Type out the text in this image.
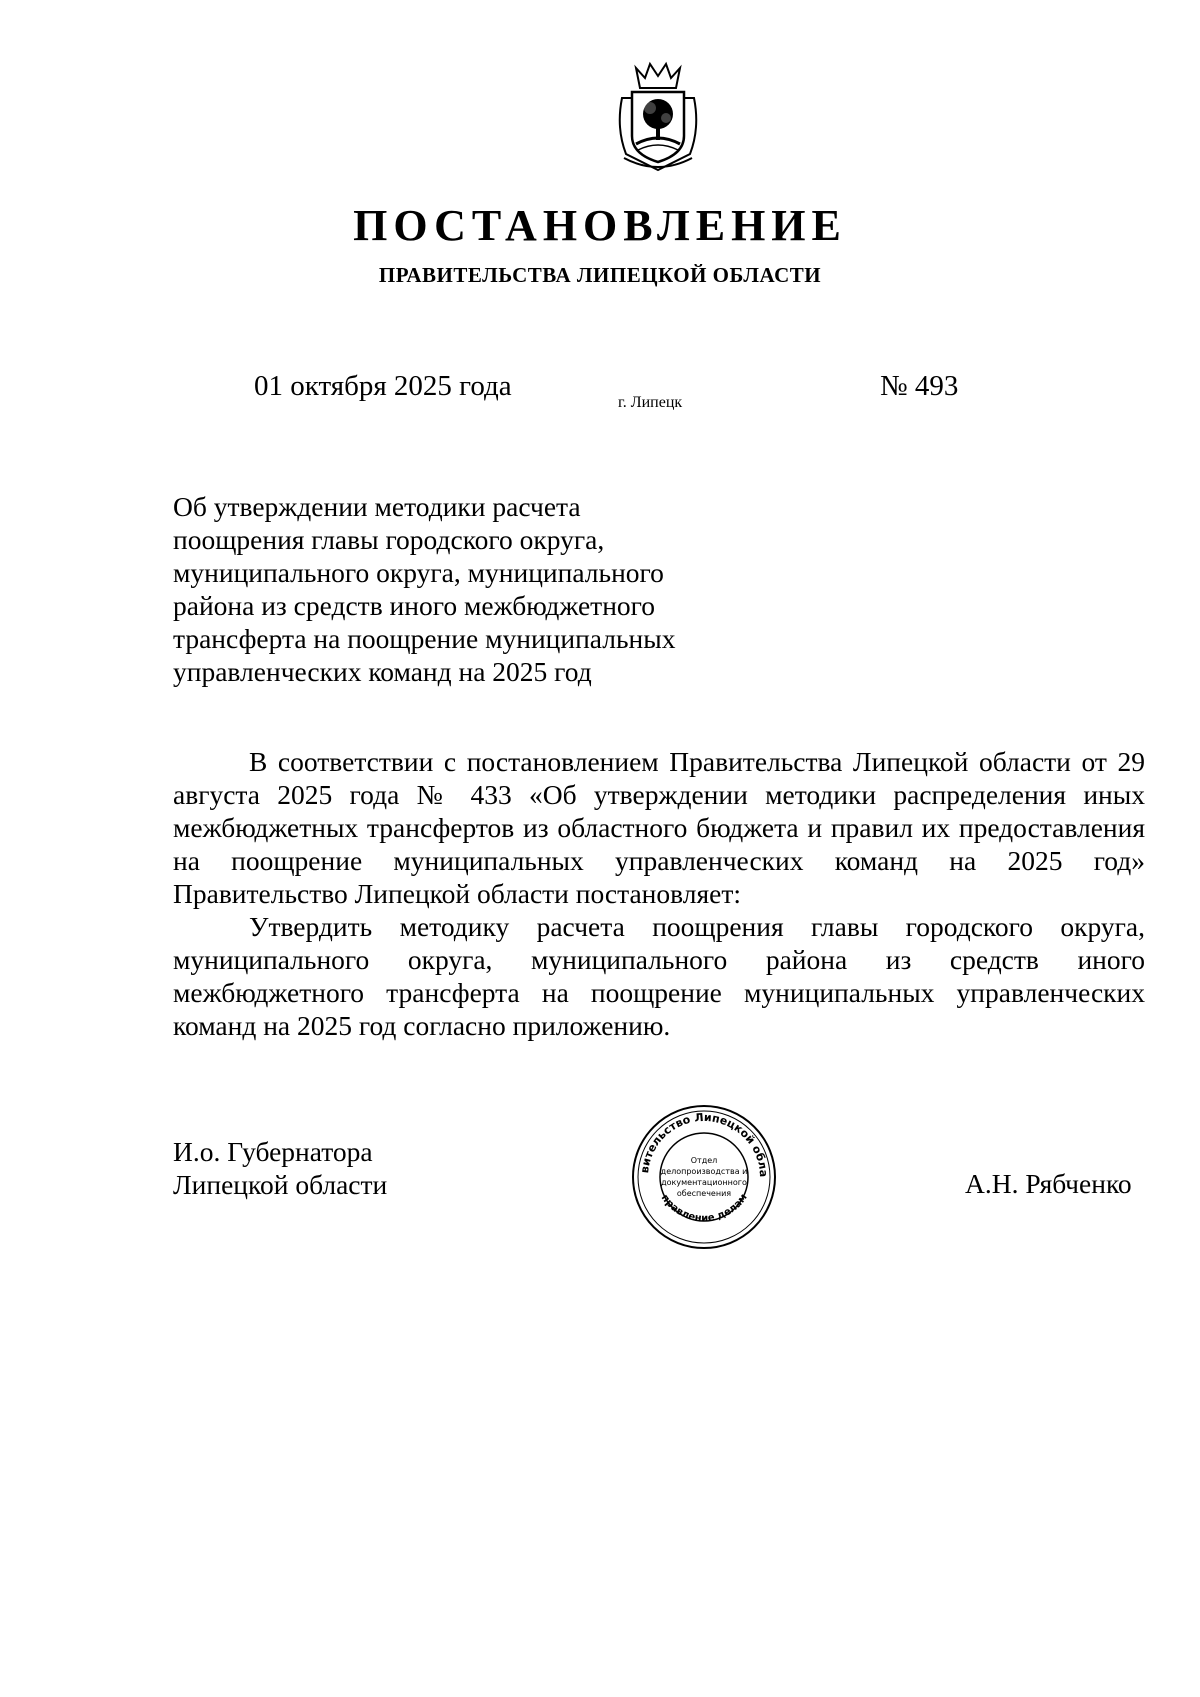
ПОСТАНОВЛЕНИЕ
ПРАВИТЕЛЬСТВА ЛИПЕЦКОЙ ОБЛАСТИ
01 октября 2025 года
г. Липецк
№ 493
Об утверждении методики расчета
поощрения главы городского округа,
муниципального округа, муниципального
района из средств иного межбюджетного
трансферта на поощрение муниципальных
управленческих команд на 2025 год

В соответствии с постановлением Правительства Липецкой области от 29 августа 2025 года № 433 «Об утверждении методики распределения иных межбюджетных трансфертов из областного бюджета и правил их предоставления на поощрение муниципальных управленческих команд на 2025 год» Правительство Липецкой области постановляет:

Утвердить методику расчета поощрения главы городского округа, муниципального округа, муниципального района из средств иного межбюджетного трансферта на поощрение муниципальных управленческих команд на 2025 год согласно приложению.

И.о. Губернатора
Липецкой области	вительство Липецкой обла
правление делам
Отдел
делопроизводства и
документационного
обеспечения	А.Н. Рябченко
